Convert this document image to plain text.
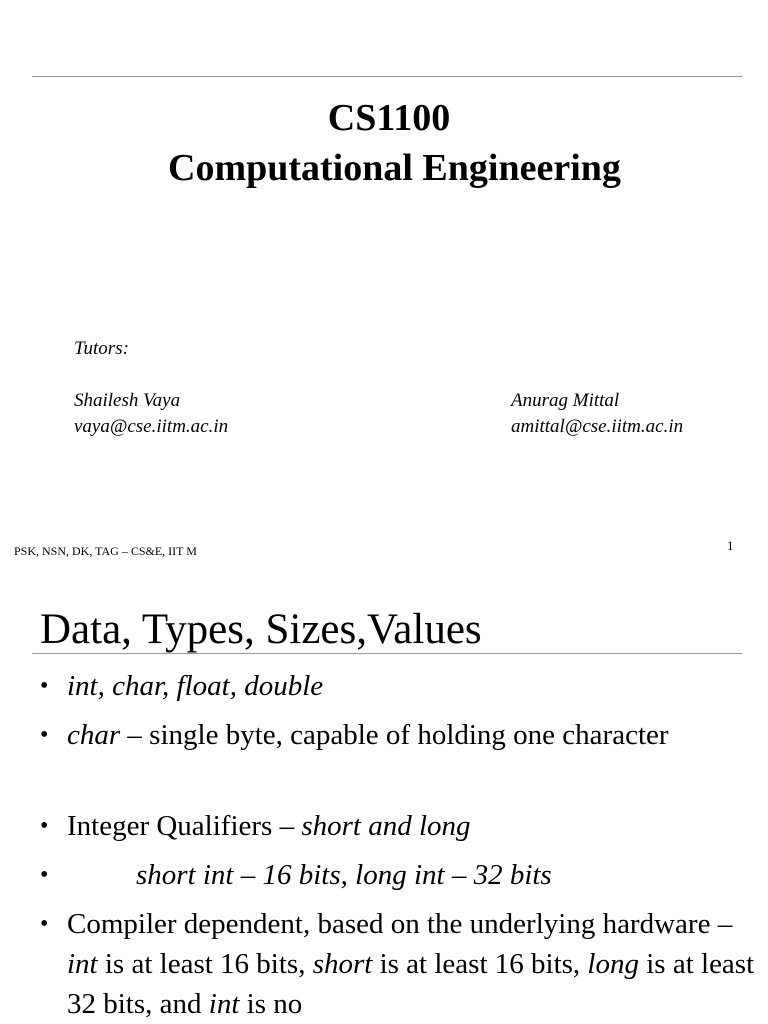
CS1100
Computational Engineering
Tutors:
Shailesh Vaya
vaya@cse.iitm.ac.in
Anurag Mittal
amittal@cse.iitm.ac.in
PSK, NSN, DK, TAG – CS&E, IIT M	1
Data, Types, Sizes,Values
• int, char, float, double
• char – single byte, capable of holding one character
• Integer Qualifiers – short and long
•	short int – 16 bits, long int – 32 bits
• Compiler dependent, based on the underlying hardware – int is at least 16 bits, short is at least 16 bits, long is at least 32 bits, and int is no
